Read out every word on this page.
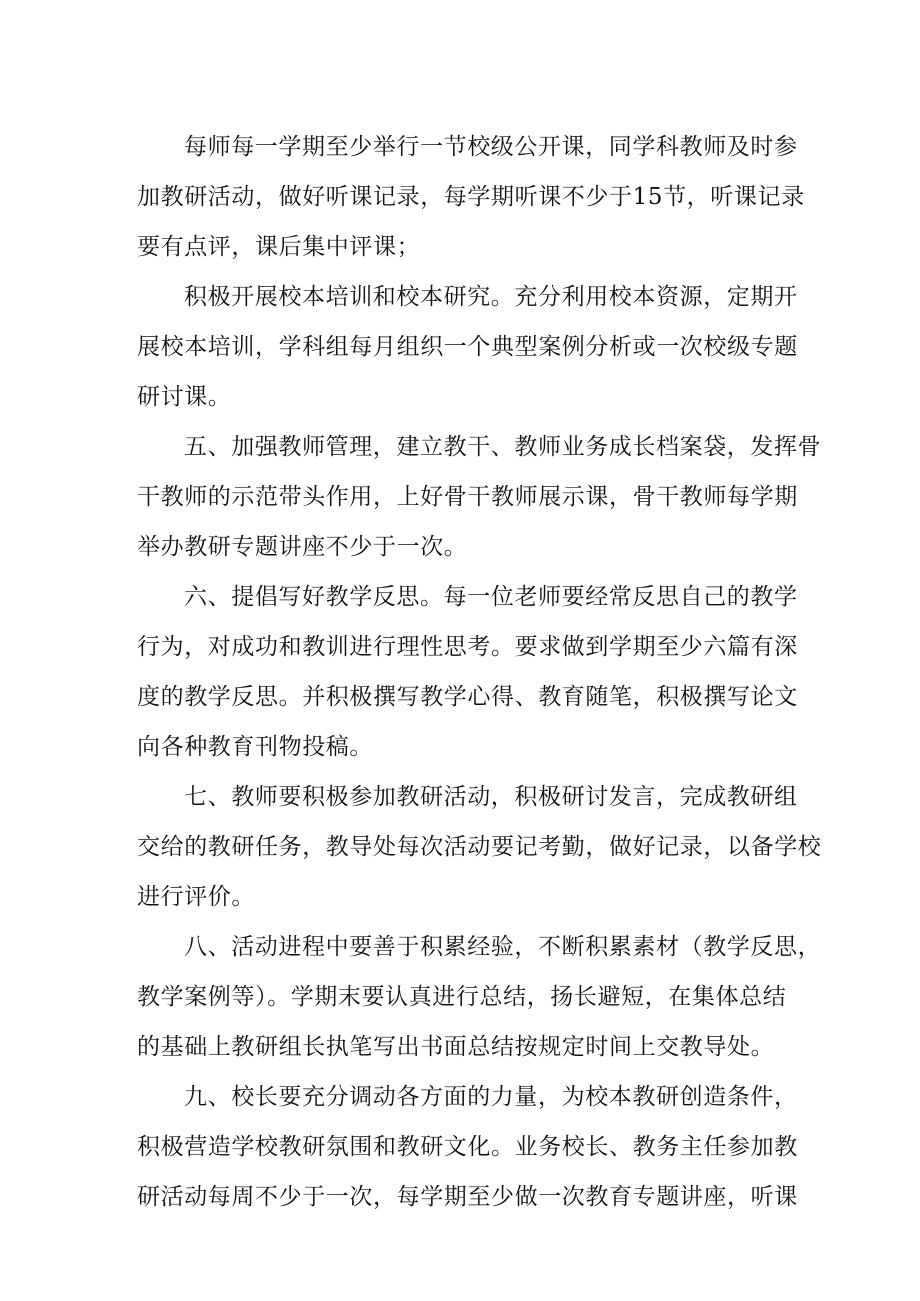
每师每一学期至少举行一节校级公开课，同学科教师及时参
加教研活动，做好听课记录，每学期听课不少于15节，听课记录
要有点评，课后集中评课；
积极开展校本培训和校本研究。充分利用校本资源，定期开
展校本培训，学科组每月组织一个典型案例分析或一次校级专题
研讨课。
五、加强教师管理，建立教干、教师业务成长档案袋，发挥骨
干教师的示范带头作用，上好骨干教师展示课，骨干教师每学期
举办教研专题讲座不少于一次。
六、提倡写好教学反思。每一位老师要经常反思自己的教学
行为，对成功和教训进行理性思考。要求做到学期至少六篇有深
度的教学反思。并积极撰写教学心得、教育随笔，积极撰写论文
向各种教育刊物投稿。
七、教师要积极参加教研活动，积极研讨发言，完成教研组
交给的教研任务，教导处每次活动要记考勤，做好记录，以备学校
进行评价。
八、活动进程中要善于积累经验，不断积累素材（教学反思，
教学案例等）。学期末要认真进行总结，扬长避短，在集体总结
的基础上教研组长执笔写出书面总结按规定时间上交教导处。
九、校长要充分调动各方面的力量，为校本教研创造条件，
积极营造学校教研氛围和教研文化。业务校长、教务主任参加教
研活动每周不少于一次，每学期至少做一次教育专题讲座，听课
